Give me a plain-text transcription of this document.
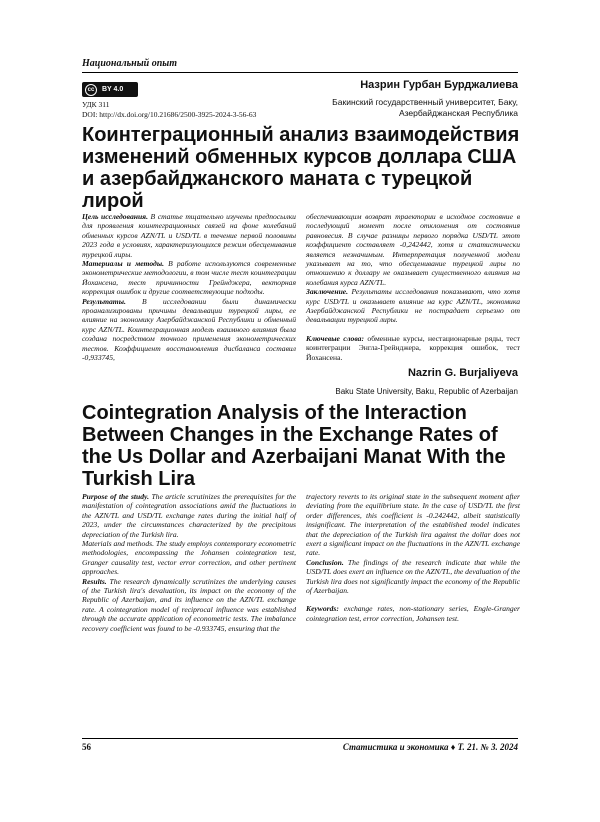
Национальный опыт
cc	BY 4.0
УДК 311
DOI: http://dx.doi.org/10.21686/2500-3925-2024-3-56-63
Назрин Гурбан Бурджалиева
Бакинский государственный университет, Баку, Азербайджанская Республика
Коинтеграционный анализ взаимодействия изменений обменных курсов доллара США и азербайджанского маната с турецкой лирой

Цель исследования. В статье тщательно изучены предпосылки для проявления коинтеграционных связей на фоне колебаний обменных курсов AZN/TL и USD/TL в течение первой половины 2023 года в условиях, характеризующихся режим обесценивания турецкой лиры.

Материалы и методы. В работе используются современные эконометрические методологии, в том числе тест коинтеграции Йохансена, тест причинности Грейнджера, векторная коррекция ошибок и другие соответствующие подходы.

Результаты. В исследовании были динамически проанализированы причины девальвации турецкой лиры, ее влияние на экономику Азербайджанской Республики и обменный курс AZN/TL. Коинтеграционная модель взаимного влияния была создана посредством точного применения эконометрических тестов. Коэффициент восстановления дисбаланса составил -0,933745,

обеспечивающим возврат траектории в исходное состояние в последующий момент после отклонения от состояния равновесия. В случае разницы первого порядка USD/TL этот коэффициент составляет -0,242442, хотя и статистически является незначимым. Интерпретация полученной модели указывает на то, что обесценивание турецкой лиры по отношению к доллару не оказывает существенного влияния на колебания курса AZN/TL.

Заключение. Результаты исследования показывают, что хотя курс USD/TL и оказывает влияние на курс AZN/TL, экономика Азербайджанской Республики не пострадает серьезно от девальвации турецкой лиры.

Ключевые слова: обменные курсы, нестационарные ряды, тест коинтеграции Энгла-Грейнджера, коррекция ошибок, тест Йохансена.

Nazrin G. Burjaliyeva
Baku State University, Baku, Republic of Azerbaijan
Cointegration Analysis of the Interaction Between Changes in the Exchange Rates of the Us Dollar and Azerbaijani Manat With the Turkish Lira

Purpose of the study. The article scrutinizes the prerequisites for the manifestation of cointegration associations amid the fluctuations in the AZN/TL and USD/TL exchange rates during the initial half of 2023, under the circumstances characterized by the precipitous depreciation of the Turkish lira.

Materials and methods. The study employs contemporary econometric methodologies, encompassing the Johansen cointegration test, Granger causality test, vector error correction, and other pertinent approaches.

Results. The research dynamically scrutinizes the underlying causes of the Turkish lira's devaluation, its impact on the economy of the Republic of Azerbaijan, and its influence on the AZN/TL exchange rate. A cointegration model of reciprocal influence was established through the accurate application of econometric tests. The imbalance recovery coefficient was found to be -0.933745, ensuring that the

trajectory reverts to its original state in the subsequent moment after deviating from the equilibrium state. In the case of USD/TL the first order differences, this coefficient is -0.242442, albeit statistically insignificant. The interpretation of the established model indicates that the depreciation of the Turkish lira against the dollar does not exert a significant impact on the fluctuations in the AZN/TL exchange rate.

Conclusion. The findings of the research indicate that while the USD/TL does exert an influence on the AZN/TL, the devaluation of the Turkish lira does not significantly impact the economy of the Republic of Azerbaijan.

Keywords: exchange rates, non-stationary series, Engle-Granger cointegration test, error correction, Johansen test.

56	Статистика и экономика ♦ Т. 21. № 3. 2024
